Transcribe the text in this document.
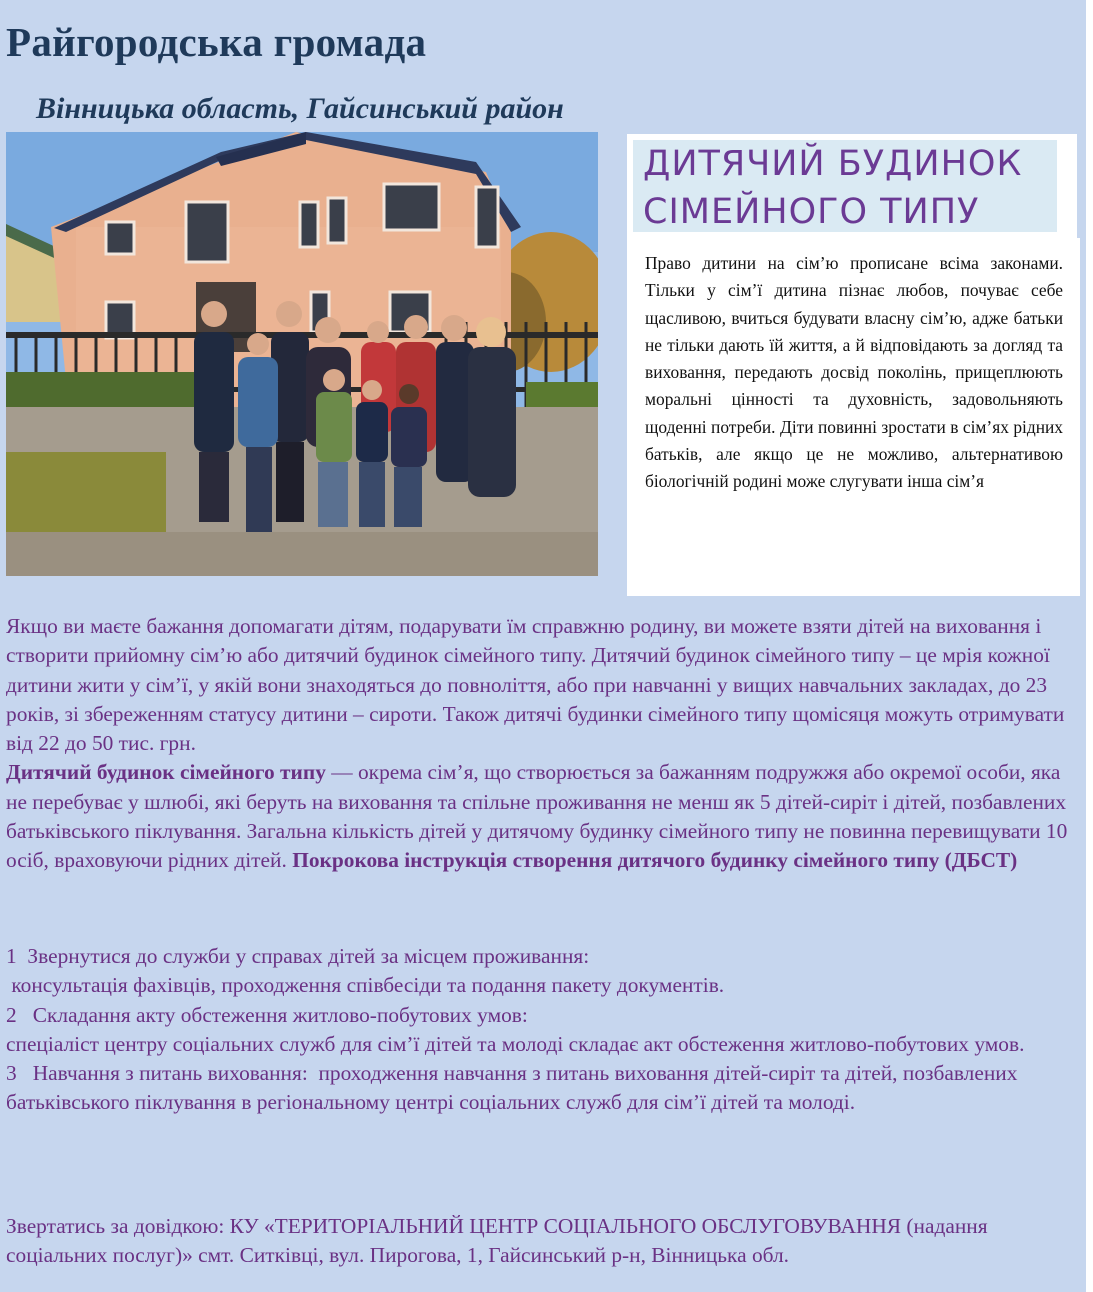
Райгородська громада
Вінницька область, Гайсинський район
ДИТЯЧИЙ БУДИНОК
СІМЕЙНОГО ТИПУ

Право дитини на сім’ю прописане всіма законами. Тільки у сім’ї дитина пізнає любов, почуває себе щасливою, вчиться будувати власну сім’ю, адже батьки не тільки дають їй життя, а й відповідають за догляд та виховання, передають досвід поколінь, прищеплюють моральні цінності та духовність, задовольняють щоденні потреби. Діти повинні зростати в сім’ях рідних батьків, але якщо це не можливо, альтернативою біологічній родині може слугувати інша сім’я

Якщо ви маєте бажання допомагати дітям, подарувати їм справжню родину, ви можете взяти дітей на виховання і створити прийомну сім’ю або дитячий будинок сімейного типу. Дитячий будинок сімейного типу – це мрія кожної дитини жити у сім’ї, у якій вони знаходяться до повноліття, або при навчанні у вищих навчальних закладах, до 23 років, зі збереженням статусу дитини – сироти. Також дитячі будинки сімейного типу щомісяця можуть отримувати від 22 до 50 тис. грн.
Дитячий будинок сімейного типу — окрема сім’я, що створюється за бажанням подружжя або окремої особи, яка не перебуває у шлюбі, які беруть на виховання та спільне проживання не менш як 5 дітей-сиріт і дітей, позбавлених батьківського піклування. Загальна кількість дітей у дитячому будинку сімейного типу не повинна перевищувати 10 осіб, враховуючи рідних дітей. Покрокова інструкція створення дитячого будинку сімейного типу (ДБСТ)

1  Звернутися до служби у справах дітей за місцем проживання:
консультація фахівців, проходження співбесіди та подання пакету документів.
2   Складання акту обстеження житлово-побутових умов:
спеціаліст центру соціальних служб для сім’ї дітей та молоді складає акт обстеження житлово-побутових умов.
3   Навчання з питань виховання:  проходження навчання з питань виховання дітей-сиріт та дітей, позбавлених батьківського піклування в регіональному центрі соціальних служб для сім’ї дітей та молоді.
Звертатись за довідкою: КУ «ТЕРИТОРІАЛЬНИЙ ЦЕНТР СОЦІАЛЬНОГО ОБСЛУГОВУВАННЯ (надання соціальних послуг)» смт. Ситківці, вул. Пирогова, 1, Гайсинський р-н, Вінницька обл.
